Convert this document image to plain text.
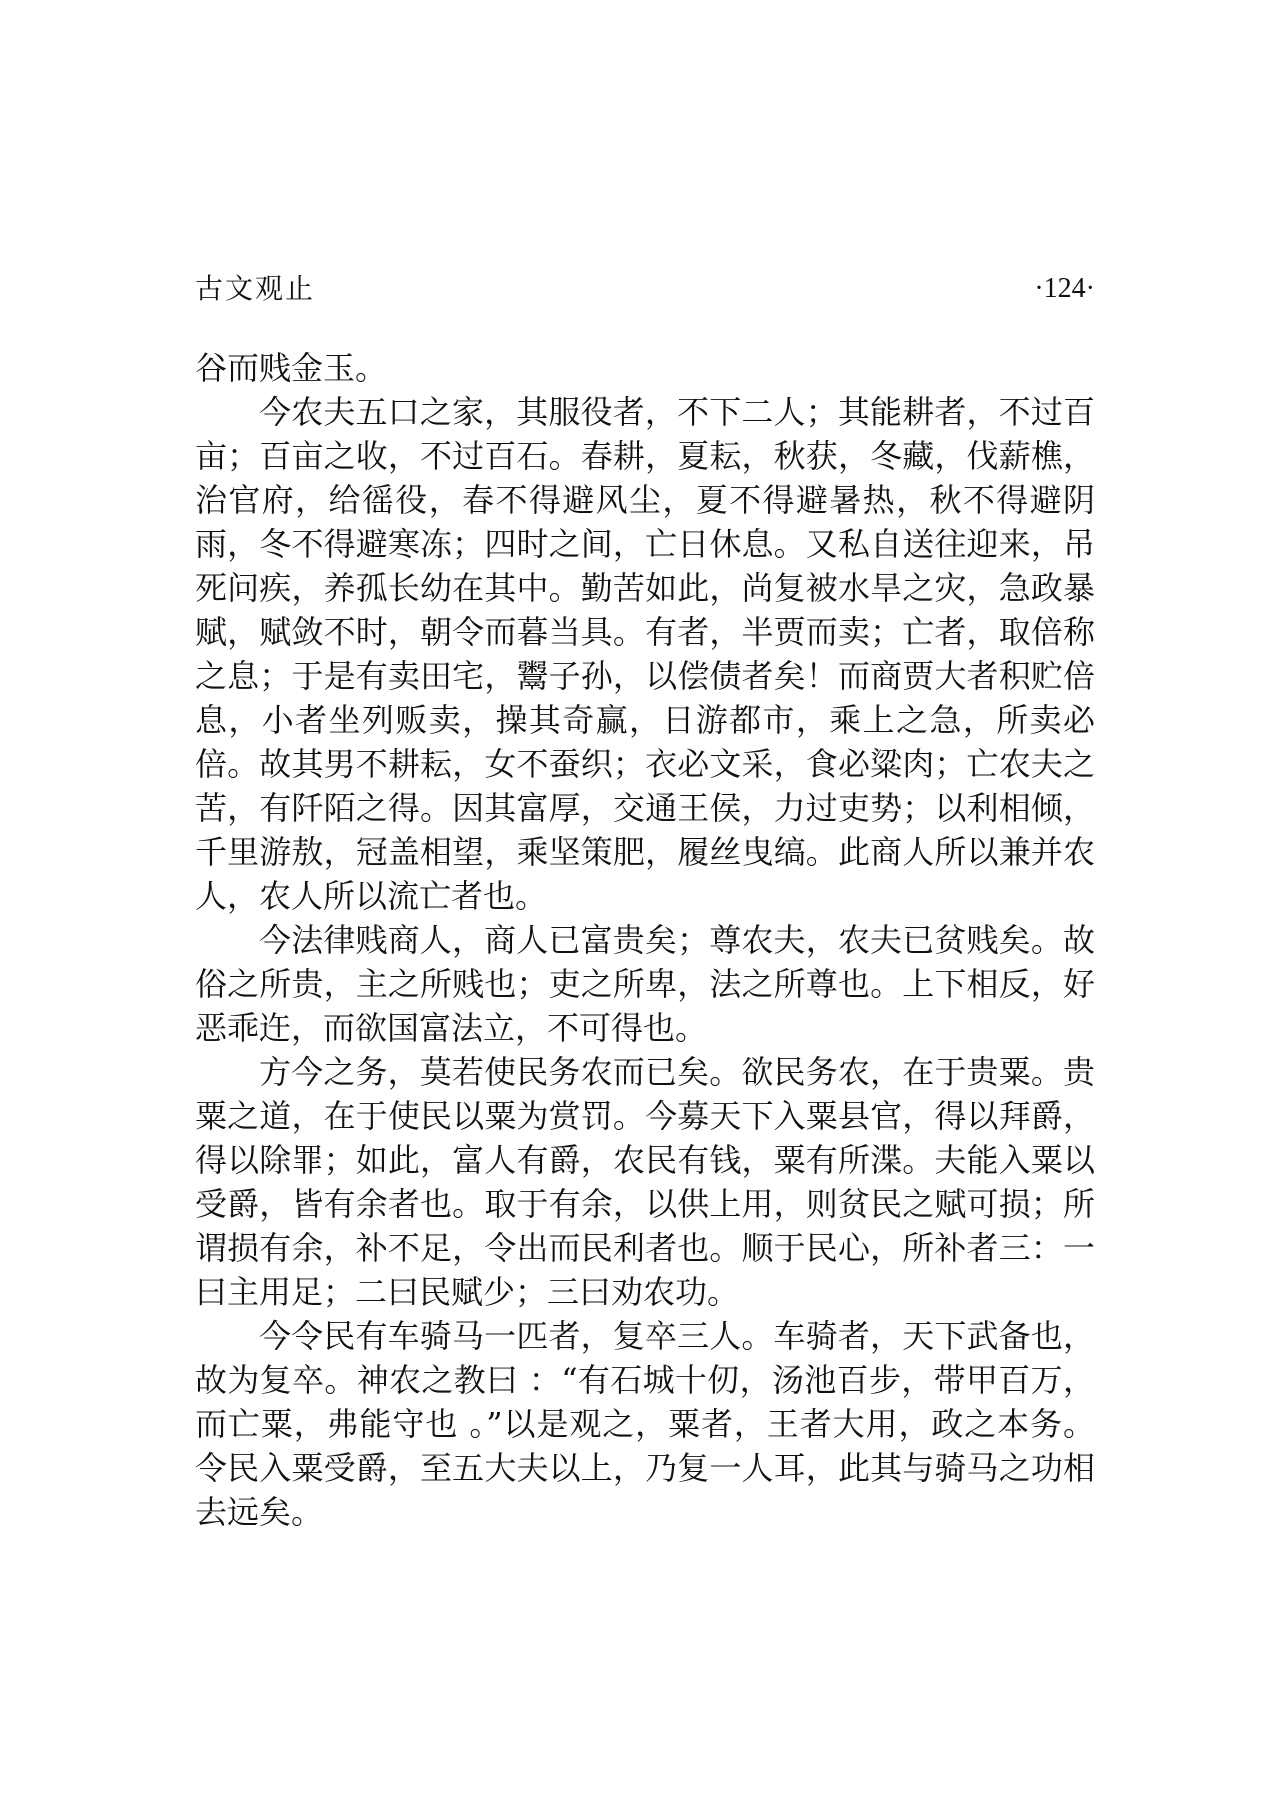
古文观止	·124·

谷而贱金玉。

今农夫五口之家，其服役者，不下二人；其能耕者，不过百亩；百亩之收，不过百石。春耕，夏耘，秋获，冬藏，伐薪樵，治官府，给徭役，春不得避风尘，夏不得避暑热，秋不得避阴雨，冬不得避寒冻；四时之间，亡日休息。又私自送往迎来，吊死问疾，养孤长幼在其中。勤苦如此，尚复被水旱之灾，急政暴赋，赋敛不时，朝令而暮当具。有者，半贾而卖；亡者，取倍称之息；于是有卖田宅，鬻子孙，以偿债者矣！而商贾大者积贮倍息，小者坐列贩卖，操其奇赢，日游都市，乘上之急，所卖必倍。故其男不耕耘，女不蚕织；衣必文采，食必粱肉；亡农夫之苦，有阡陌之得。因其富厚，交通王侯，力过吏势；以利相倾，千里游敖，冠盖相望，乘坚策肥，履丝曳缟。此商人所以兼并农人，农人所以流亡者也。

今法律贱商人，商人已富贵矣；尊农夫，农夫已贫贱矣。故俗之所贵，主之所贱也；吏之所卑，法之所尊也。上下相反，好恶乖迕，而欲国富法立，不可得也。

方今之务，莫若使民务农而已矣。欲民务农，在于贵粟。贵粟之道，在于使民以粟为赏罚。今募天下入粟县官，得以拜爵，得以除罪；如此，富人有爵，农民有钱，粟有所渫。夫能入粟以受爵，皆有余者也。取于有余，以供上用，则贫民之赋可损；所谓损有余，补不足，令出而民利者也。顺于民心，所补者三：一曰主用足；二曰民赋少；三曰劝农功。

今令民有车骑马一匹者，复卒三人。车骑者，天下武备也，故为复卒。神农之教曰 ：“有石城十仞，汤池百步，带甲百万，而亡粟，弗能守也 。”以是观之，粟者，王者大用，政之本务。令民入粟受爵，至五大夫以上，乃复一人耳，此其与骑马之功相去远矣。
